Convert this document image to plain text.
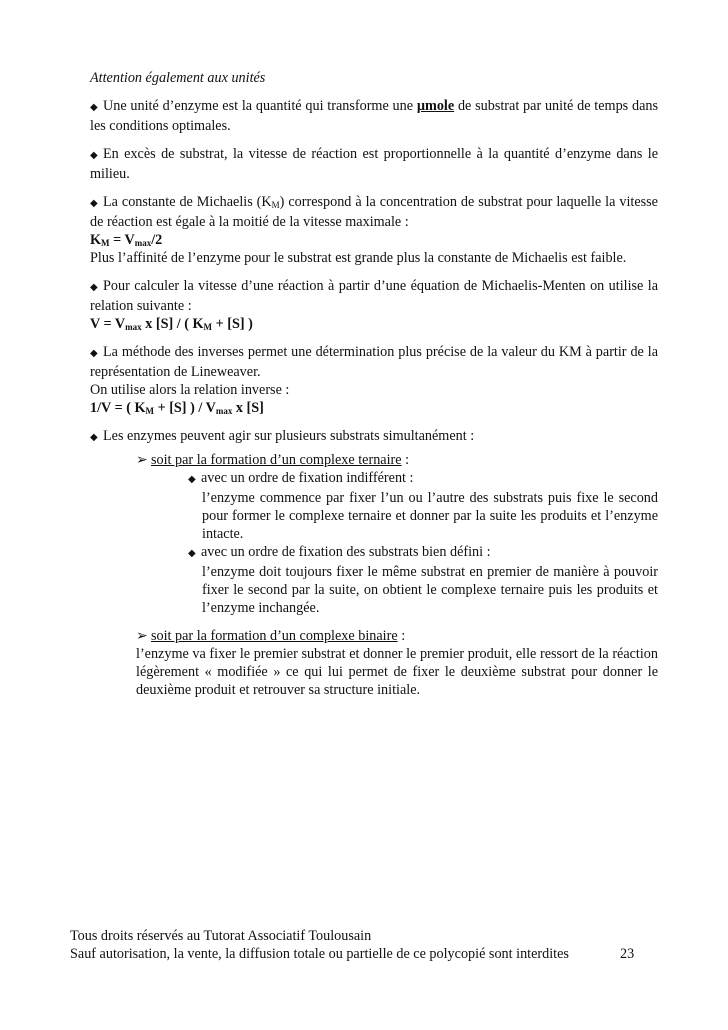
Attention également aux unités

◆ Une unité d’enzyme est la quantité qui transforme une µmole de substrat par unité de temps dans les conditions optimales.

◆ En excès de substrat, la vitesse de réaction est proportionnelle à la quantité d’enzyme dans le milieu.

◆ La constante de Michaelis $(K_M)$ correspond à la concentration de substrat pour laquelle la vitesse de réaction est égale à la moitié de la vitesse maximale :

$K_M = V_{max}/2$

Plus l’affinité de l’enzyme pour le substrat est grande plus la constante de Michaelis est faible.

◆ Pour calculer la vitesse d’une réaction à partir d’une équation de Michaelis-Menten on utilise la relation suivante :

$V = V_{max}$ x [S] / ( $K_M + [S]$ )

◆ La méthode des inverses permet une détermination plus précise de la valeur du KM à partir de la représentation de Lineweaver.

On utilise alors la relation inverse :

1/V = ( $K_M + [S]$ ) / $V_{max}$ x [S]

◆ Les enzymes peuvent agir sur plusieurs substrats simultanément :

➢ soit par la formation d’un complexe ternaire :

◆ avec un ordre de fixation indifférent :

l’enzyme commence par fixer l’un ou l’autre des substrats puis fixe le second pour former le complexe ternaire et donner par la suite les produits et l’enzyme intacte.

◆ avec un ordre de fixation des substrats bien défini :

l’enzyme doit toujours fixer le même substrat en premier de manière à pouvoir fixer le second par la suite, on obtient le complexe ternaire puis les produits et l’enzyme inchangée.

➢ soit par la formation d’un complexe binaire :

l’enzyme va fixer le premier substrat et donner le premier produit, elle ressort de la réaction légèrement « modifiée » ce qui lui permet de fixer le deuxième substrat pour donner le deuxième produit et retrouver sa structure initiale.

Tous droits réservés au Tutorat Associatif Toulousain
Sauf autorisation, la vente, la diffusion totale ou partielle de ce polycopié sont interdites	23
